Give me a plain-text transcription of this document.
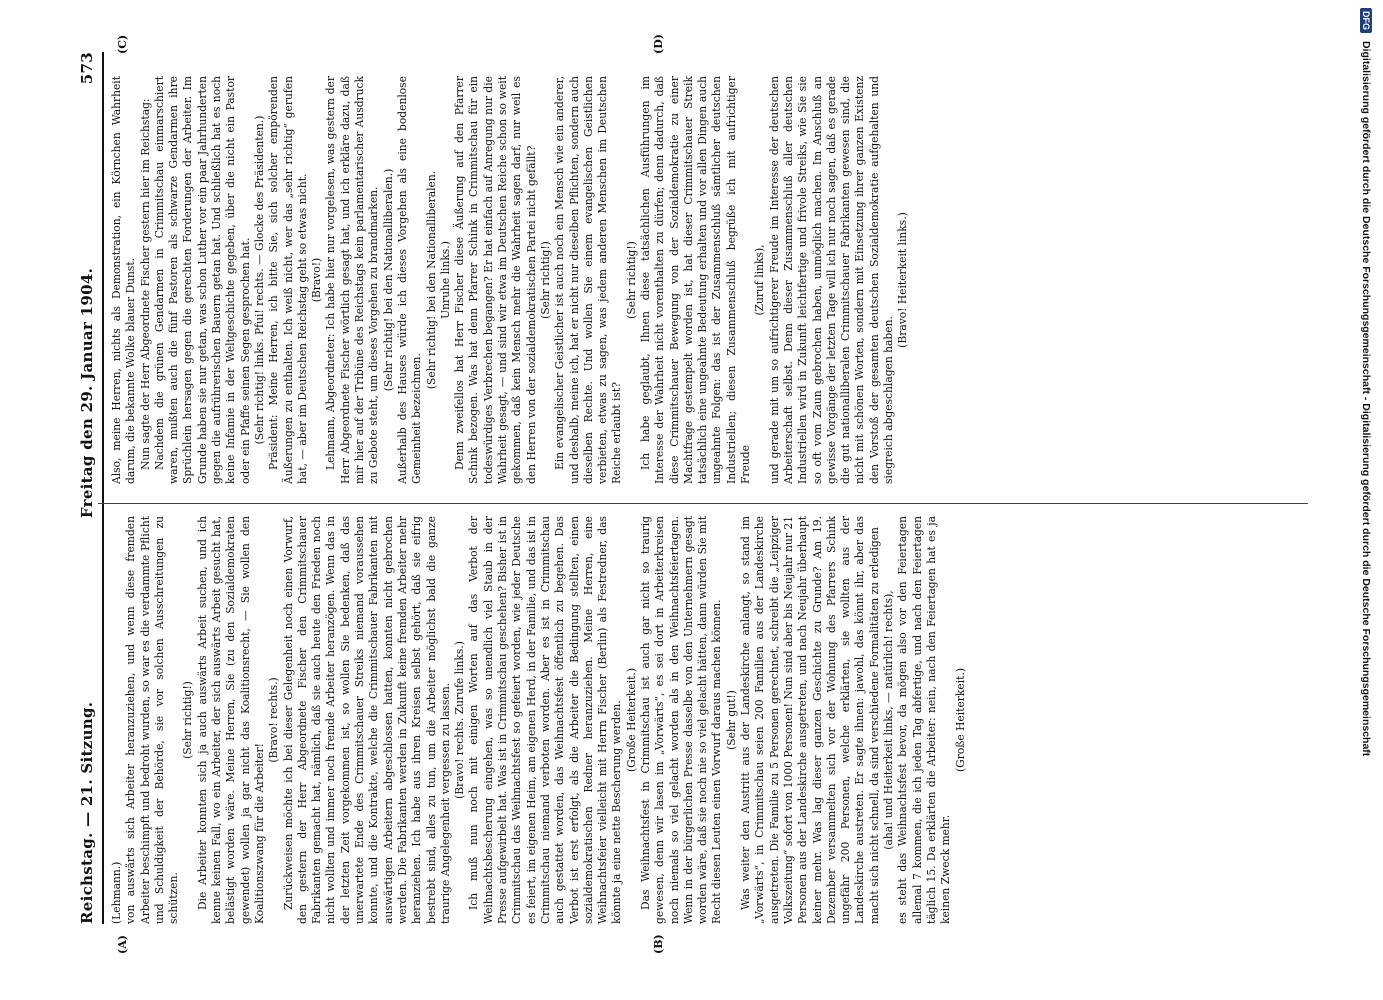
Reichstag. — 21. Sitzung.
Freitag den 29. Januar 1904.
573
(A)	(B)
(C)	(D)

(Lehmann.) von auswärts sich Arbeiter heranzuziehen, und wenn diese fremden Arbeiter beschimpft und bedroht wurden, so war es die verdammte Pflicht und Schuldigkeit der Behörde, sie vor solchen Ausschreitungen zu schützen.

(Sehr richtig!) Die Arbeiter konnten sich ja auch auswärts Arbeit suchen, und ich kenne keinen Fall, wo ein Arbeiter, der sich auswärts Arbeit gesucht hat, belästigt worden wäre. Meine Herren, Sie (zu den Sozialdemokraten gewendet) wollen ja gar nicht das Koalitionsrecht, — Sie wollen den Koalitionszwang für die Arbeiter!

(Bravo! rechts.) Zurückweisen möchte ich bei dieser Gelegenheit noch einen Vorwurf, den gestern der Herr Abgeordnete Fischer den Crimmitschauer Fabrikanten gemacht hat, nämlich, daß sie auch heute den Frieden noch nicht wollten und immer noch fremde Arbeiter heranzögen. Wenn das in der letzten Zeit vorgekommen ist, so wollen Sie bedenken, daß das unerwartete Ende des Crimmitschauer Streiks niemand voraussehen konnte, und die Kontrakte, welche die Crimmitschauer Fabrikanten mit auswärtigen Arbeitern abgeschlossen hatten, konnten nicht gebrochen werden. Die Fabrikanten werden in Zukunft keine fremden Arbeiter mehr heranziehen. Ich habe aus ihren Kreisen selbst gehört, daß sie eifrig bestrebt sind, alles zu tun, um die Arbeiter möglichst bald die ganze traurige Angelegenheit vergessen zu lassen. (Bravo! rechts. Zurufe links.) Ich muß nun noch mit einigen Worten auf das Verbot der Weihnachtsbescherung eingehen, was so unendlich viel Staub in der Presse aufgewirbelt hat. Was ist in Crimmitschau geschehen? Bisher ist in Crimmitschau das Weihnachtsfest so gefeiert worden, wie jeder Deutsche es feiert, im eigenen Heim, am eigenen Herd, in der Familie, und das ist in Crimmitschau niemand verboten worden. Aber es ist in Crimmitschau auch gestattet worden, das Weihnachtsfest öffentlich zu begehen. Das Verbot ist erst erfolgt, als die Arbeiter die Bedingung stellten, einen sozialdemokratischen Redner heranzuziehen. Meine Herren, eine Weihnachtsfeier vielleicht mit Herrn Fischer (Berlin) als Festredner, das könnte ja eine nette Bescherung werden. (Große Heiterkeit.) Das Weihnachtsfest in Crimmitschau ist auch gar nicht so traurig gewesen, denn wir lasen im „Vorwärts“, es sei dort in Arbeiterkreisen noch niemals so viel gelacht worden als in den Weihnachtsfeiertagen. Wenn in der bürgerlichen Presse dasselbe von den Unternehmern gesagt worden wäre, daß sie noch nie so viel gelacht hätten, dann würden Sie mit Recht diesen Leuten einen Vorwurf daraus machen können. (Sehr gut!) Was weiter den Austritt aus der Landeskirche anlangt, so stand im „Vorwärts“, in Crimmitschau seien 200 Familien aus der Landeskirche ausgetreten. Die Familie zu 5 Personen gerechnet, schreibt die „Leipziger Volkszeitung“ sofort von 1000 Personen! Nun sind aber bis Neujahr nur 21 Personen aus der Landeskirche ausgetreten, und nach Neujahr überhaupt keiner mehr. Was lag dieser ganzen Geschichte zu Grunde? Am 19. Dezember versammelten sich vor der Wohnung des Pfarrers Schink ungefähr 200 Personen, welche erklärten, sie wollten aus der Landeskirche austreten. Er sagte ihnen: jawohl, das könnt ihr, aber das macht sich nicht schnell, da sind verschiedene Formalitäten zu erledigen (aha! und Heiterkeit links, — natürlich! rechts), es steht das Weihnachtsfest bevor, da mögen also vor den Feiertagen allemal 7 kommen, die ich jeden Tag abfertige, und nach den Feiertagen täglich 15. Da erklärten die Arbeiter: nein, nach den Feiertagen hat es ja keinen Zweck mehr.

(Große Heiterkeit.)

Also, meine Herren, nichts als Demonstration, ein Körnchen Wahrheit darum, die bekannte Wolke blauer Dunst. Nun sagte der Herr Abgeordnete Fischer gestern hier im Reichstag: Nachdem die grünen Gendarmen in Crimmitschau einmarschiert waren, mußten auch die fünf Pastoren als schwarze Gendarmen ihre Sprüchlein hersagen gegen die gerechten Forderungen der Arbeiter. Im Grunde haben sie nur getan, was schon Luther vor ein paar Jahrhunderten gegen die aufrührerischen Bauern getan hat. Und schließlich hat es noch keine Infamie in der Weltgeschichte gegeben, über die nicht ein Pastor oder ein Pfaffe seinen Segen gesprochen hat. (Sehr richtig! links. Pfui! rechts. — Glocke des Präsidenten.) Präsident: Meine Herren, ich bitte Sie, sich solcher empörenden Äußerungen zu enthalten. Ich weiß nicht, wer das „sehr richtig“ gerufen hat, — aber im Deutschen Reichstag geht so etwas nicht. (Bravo!) Lehmann, Abgeordneter: Ich habe hier nur vorgelesen, was gestern der Herr Abgeordnete Fischer wörtlich gesagt hat, und ich erkläre dazu, daß mir hier auf der Tribüne des Reichstags kein parlamentarischer Ausdruck zu Gebote steht, um dieses Vorgehen zu brandmarken. (Sehr richtig! bei den Nationalliberalen.) Außerhalb des Hauses würde ich dieses Vorgehen als eine bodenlose Gemeinheit bezeichnen.

(Sehr richtig! bei den Nationalliberalen. Unruhe links.) Denn zweifellos hat Herr Fischer diese Äußerung auf den Pfarrer Schink bezogen. Was hat denn Pfarrer Schink in Crimmitschau für ein todeswürdiges Verbrechen begangen? Er hat einfach auf Anregung nur die Wahrheit gesagt, — und sind wir etwa im Deutschen Reiche schon so weit gekommen, daß kein Mensch mehr die Wahrheit sagen darf, nur weil es den Herren von der sozialdemokratischen Partei nicht gefällt? (Sehr richtig!) Ein evangelischer Geistlicher ist auch noch ein Mensch wie ein anderer, und deshalb, meine ich, hat er nicht nur dieselben Pflichten, sondern auch dieselben Rechte. Und wollen Sie einem evangelischen Geistlichen verbieten, etwas zu sagen, was jedem anderen Menschen im Deutschen Reiche erlaubt ist?

(Sehr richtig!) Ich habe geglaubt, Ihnen diese tatsächlichen Ausführungen im Interesse der Wahrheit nicht vorenthalten zu dürfen; denn dadurch, daß diese Crimmitschauer Bewegung von der Sozialdemokratie zu einer Machtfrage gestempelt worden ist, hat dieser Crimmitschauer Streik tatsächlich eine ungeahnte Bedeutung erhalten und vor allen Dingen auch ungeahnte Folgen: das ist der Zusammenschluß sämtlicher deutschen Industriellen; diesen Zusammenschluß begrüße ich mit aufrichtiger Freude

(Zuruf links), und gerade mit um so aufrichtigerer Freude im Interesse der deutschen Arbeiterschaft selbst. Denn dieser Zusammenschluß aller deutschen Industriellen wird in Zukunft leichtfertige und frivole Streiks, wie Sie sie so oft vom Zaun gebrochen haben, unmöglich machen. Im Anschluß an gewisse Vorgänge der letzten Tage will ich nur noch sagen, daß es gerade die gut nationalliberalen Crimmitschauer Fabrikanten gewesen sind, die nicht mit schönen Worten, sondern mit Einsetzung ihrer ganzen Existenz den Vorstoß der gesamten deutschen Sozialdemokratie aufgehalten und siegreich abgeschlagen haben.

(Bravo! Heiterkeit links.)

DFG
Digitalisierung gefördert durch die Deutsche Forschungsgemeinschaft - Digitalisierung gefördert durch die Deutsche Forschungsgemeinschaft
